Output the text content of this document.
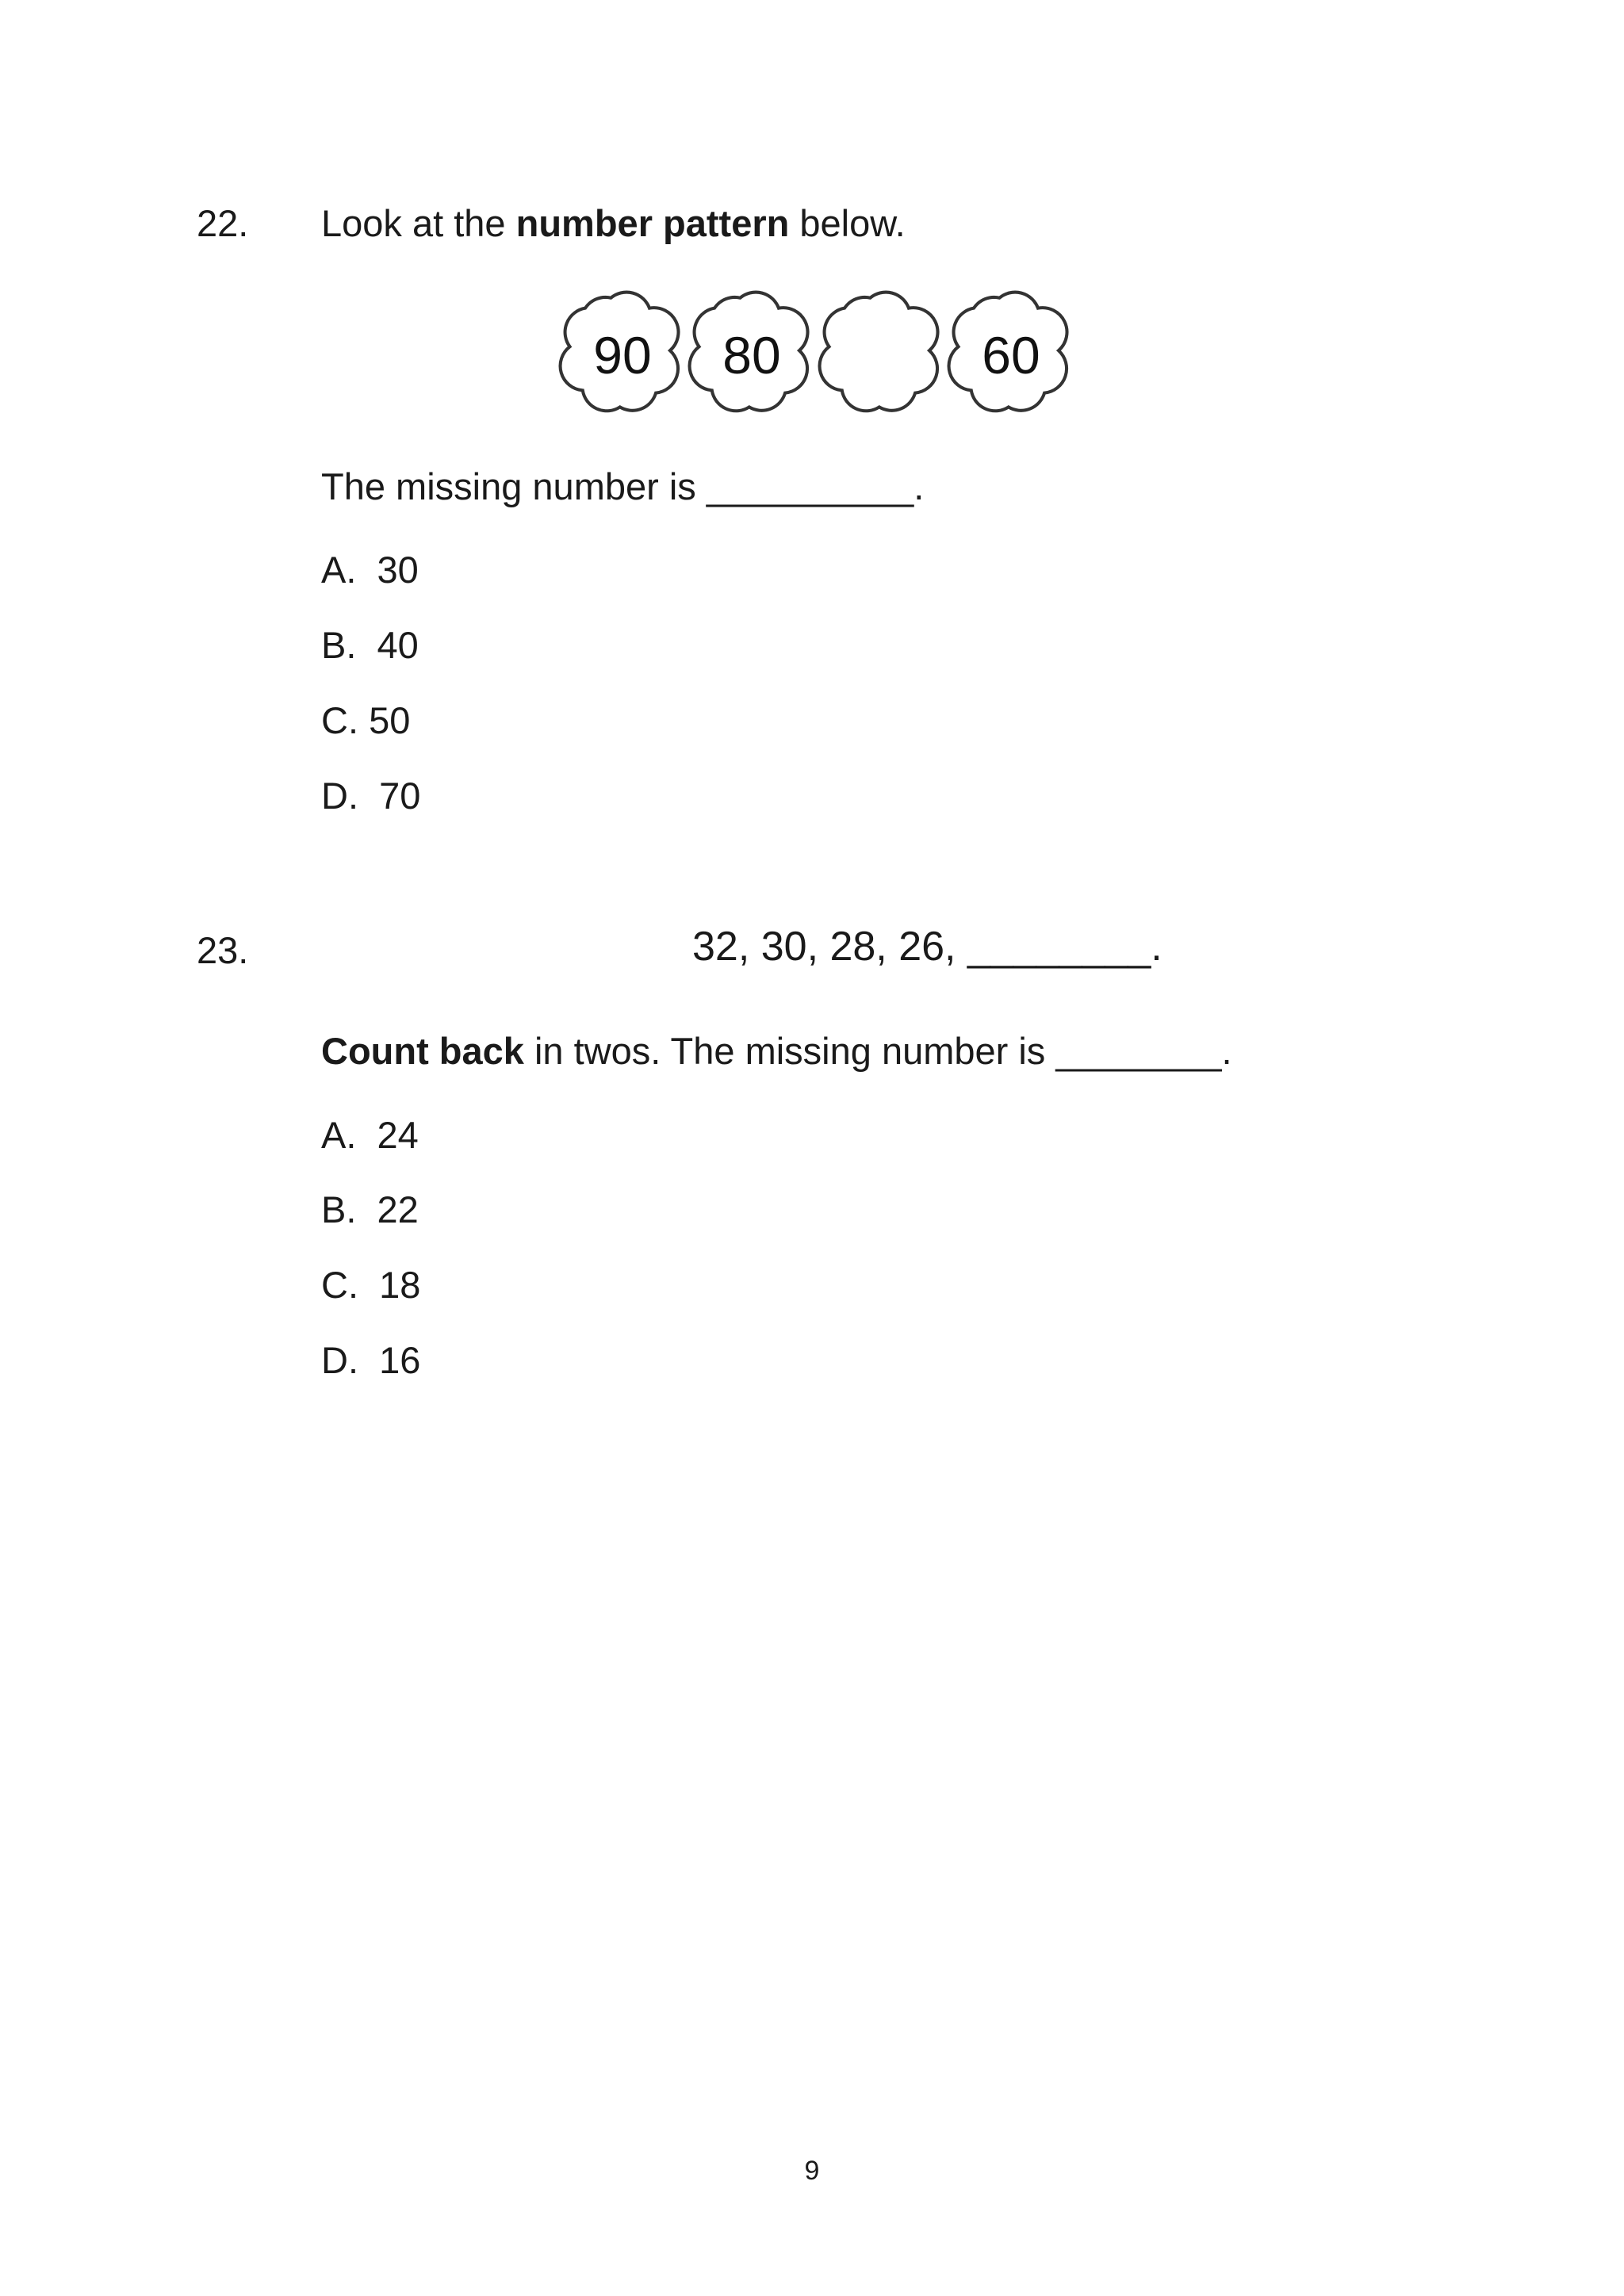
22. Look at the number pattern below.
90 80	60
The missing number is __________.
A. 30
B. 40
C. 50
D. 70
23.	32, 30, 28, 26, ________.
Count back in twos. The missing number is ________.
A. 24
B. 22
C. 18
D. 16
9
